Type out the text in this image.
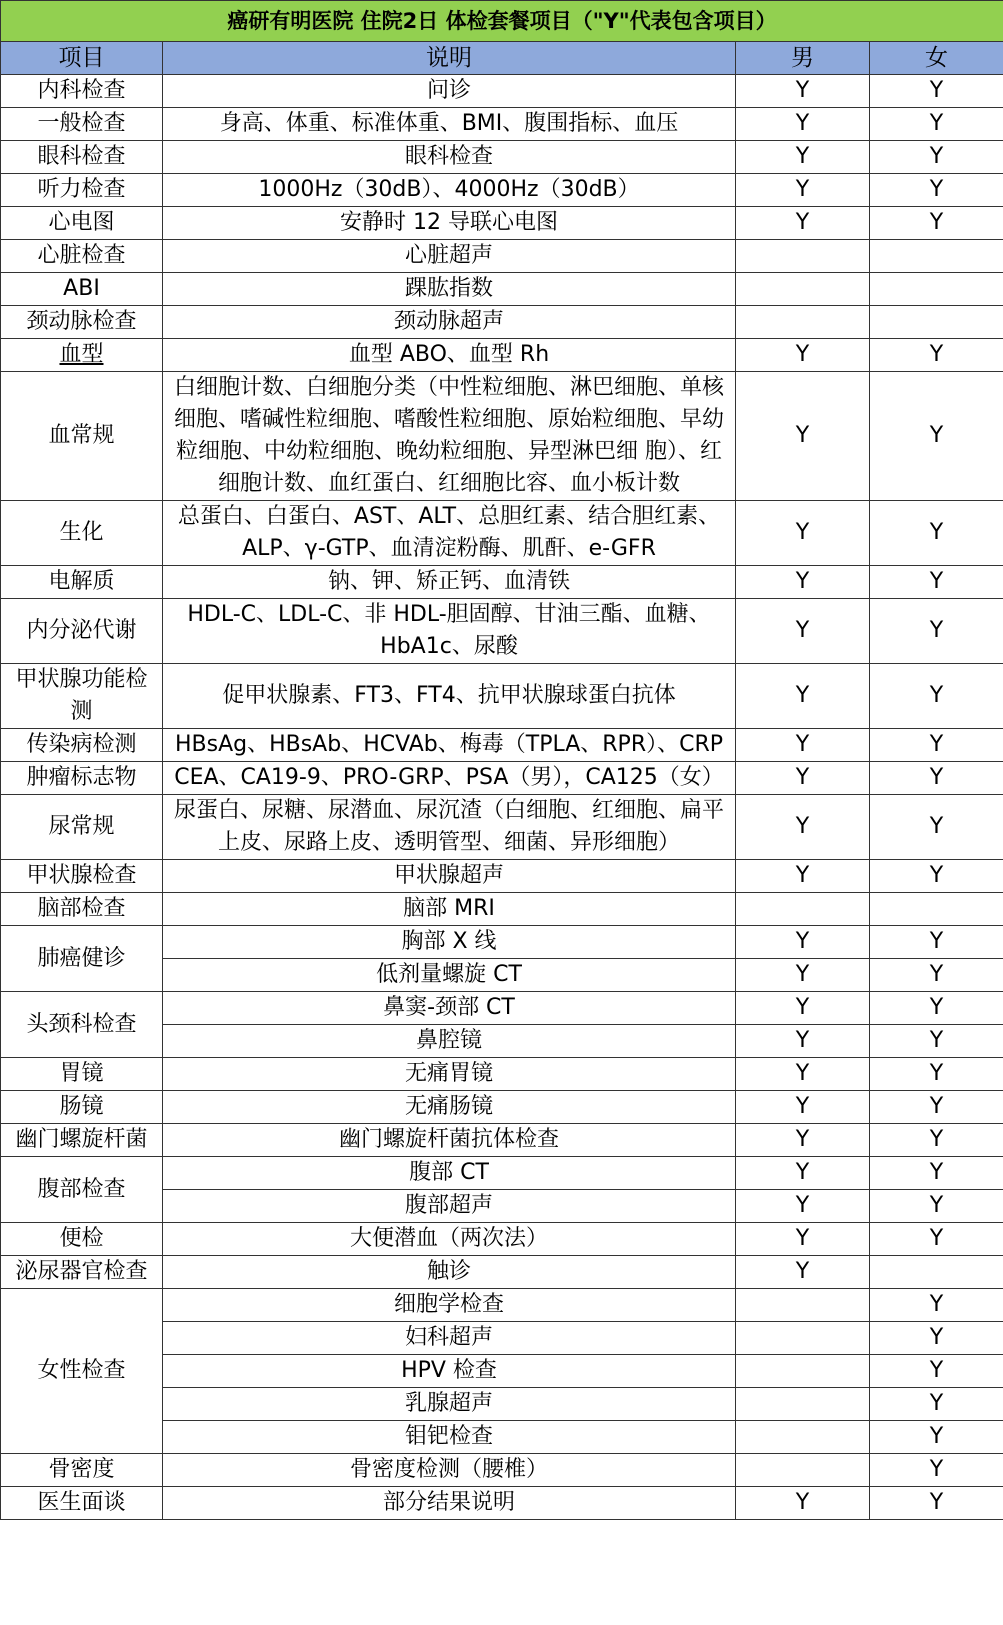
癌研有明医院 住院2日 体检套餐项目（"Y"代表包含项目）			
项目	说明	男	女
内科检查	问诊	Y	Y
一般检查	身高、体重、标准体重、BMI、腹围指标、血压	Y	Y
眼科检查	眼科检查	Y	Y
听力检查	1000Hz（30dB）、4000Hz（30dB）	Y	Y
心电图	安静时 12 导联心电图	Y	Y
心脏检查	心脏超声		
ABI	踝肱指数		
颈动脉检查	颈动脉超声		
血型	血型 ABO、血型 Rh	Y	Y
血常规	白细胞计数、白细胞分类（中性粒细胞、淋巴细胞、单核细胞、嗜碱性粒细胞、嗜酸性粒细胞、原始粒细胞、早幼粒细胞、中幼粒细胞、晚幼粒细胞、异型淋巴细 胞）、红细胞计数、血红蛋白、红细胞比容、血小板计数	Y	Y
生化	总蛋白、白蛋白、AST、ALT、总胆红素、结合胆红素、ALP、γ-GTP、血清淀粉酶、肌酐、e-GFR	Y	Y
电解质	钠、钾、矫正钙、血清铁	Y	Y
内分泌代谢	HDL-C、LDL-C、非 HDL-胆固醇、甘油三酯、血糖、HbA1c、尿酸	Y	Y
甲状腺功能检测	促甲状腺素、FT3、FT4、抗甲状腺球蛋白抗体	Y	Y
传染病检测	HBsAg、HBsAb、HCVAb、梅毒（TPLA、RPR）、CRP	Y	Y
肿瘤标志物	CEA、CA19-9、PRO-GRP、PSA（男），CA125（女）	Y	Y
尿常规	尿蛋白、尿糖、尿潜血、尿沉渣（白细胞、红细胞、扁平上皮、尿路上皮、透明管型、细菌、异形细胞）	Y	Y
甲状腺检查	甲状腺超声	Y	Y
脑部检查	脑部 MRI		
肺癌健诊	胸部 X 线	Y	Y
	低剂量螺旋 CT	Y	Y
头颈科检查	鼻窦-颈部 CT	Y	Y
	鼻腔镜	Y	Y
胃镜	无痛胃镜	Y	Y
肠镜	无痛肠镜	Y	Y
幽门螺旋杆菌	幽门螺旋杆菌抗体检查	Y	Y
腹部检查	腹部 CT	Y	Y
	腹部超声	Y	Y
便检	大便潜血（两次法）	Y	Y
泌尿器官检查	触诊	Y	
女性检查	细胞学检查		Y
	妇科超声		Y
	HPV 检查		Y
	乳腺超声		Y
	钼钯检查		Y
骨密度	骨密度检测（腰椎）		Y
医生面谈	部分结果说明	Y	Y
